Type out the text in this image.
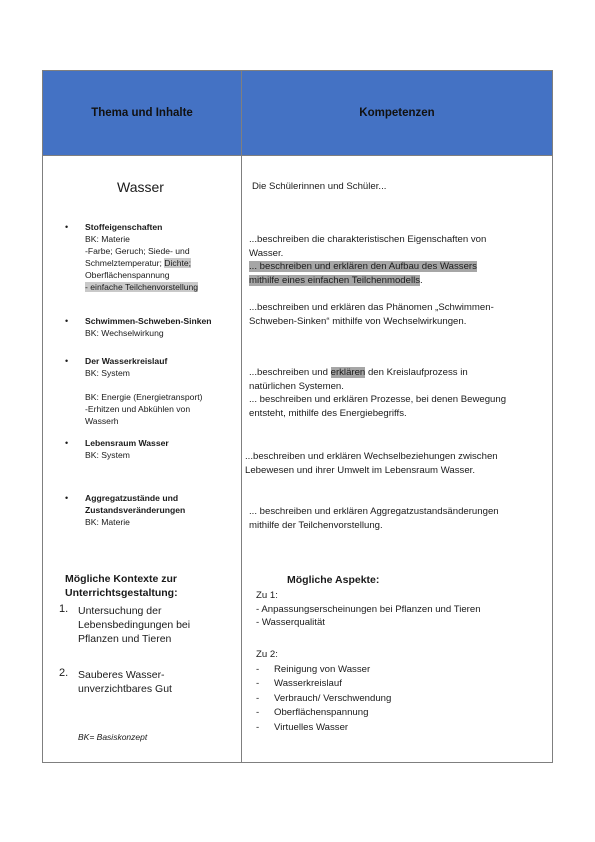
Thema und Inhalte	Kompetenzen
Wasser
• Stoffeigenschaften
BK: Materie
-Farbe; Geruch; Siede- und
Schmelztemperatur; Dichte;
Oberflächenspannung
- einfache Teilchenvorstellung
• Schwimmen-Schweben-Sinken
BK: Wechselwirkung
• Der Wasserkreislauf
BK: System

BK: Energie (Energietransport)
-Erhitzen und Abkühlen von
Wasserh
• Lebensraum Wasser
BK: System
• Aggregatzustände und
Zustandsveränderungen
BK: Materie
Mögliche Kontexte zur
Unterrichtsgestaltung:
1. Untersuchung der
Lebensbedingungen bei
Pflanzen und Tieren
2. Sauberes Wasser-
unverzichtbares Gut
BK= Basiskonzept
Die Schülerinnen und Schüler...
...beschreiben die charakteristischen Eigenschaften von
Wasser.
... beschreiben und erklären den Aufbau des Wassers
mithilfe eines einfachen Teilchenmodells.
...beschreiben und erklären das Phänomen „Schwimmen-
Schweben-Sinken“ mithilfe von Wechselwirkungen.
...beschreiben und erklären den Kreislaufprozess in
natürlichen Systemen.
... beschreiben und erklären Prozesse, bei denen Bewegung
entsteht, mithilfe des Energiebegriffs.
...beschreiben und erklären Wechselbeziehungen zwischen
Lebewesen und ihrer Umwelt im Lebensraum Wasser.
... beschreiben und erklären Aggregatzustandsänderungen
mithilfe der Teilchenvorstellung.
Mögliche Aspekte:
Zu 1:
- Anpassungserscheinungen bei Pflanzen und Tieren
- Wasserqualität
Zu 2:
- Reinigung von Wasser
- Wasserkreislauf
- Verbrauch/ Verschwendung
- Oberflächenspannung
- Virtuelles Wasser
